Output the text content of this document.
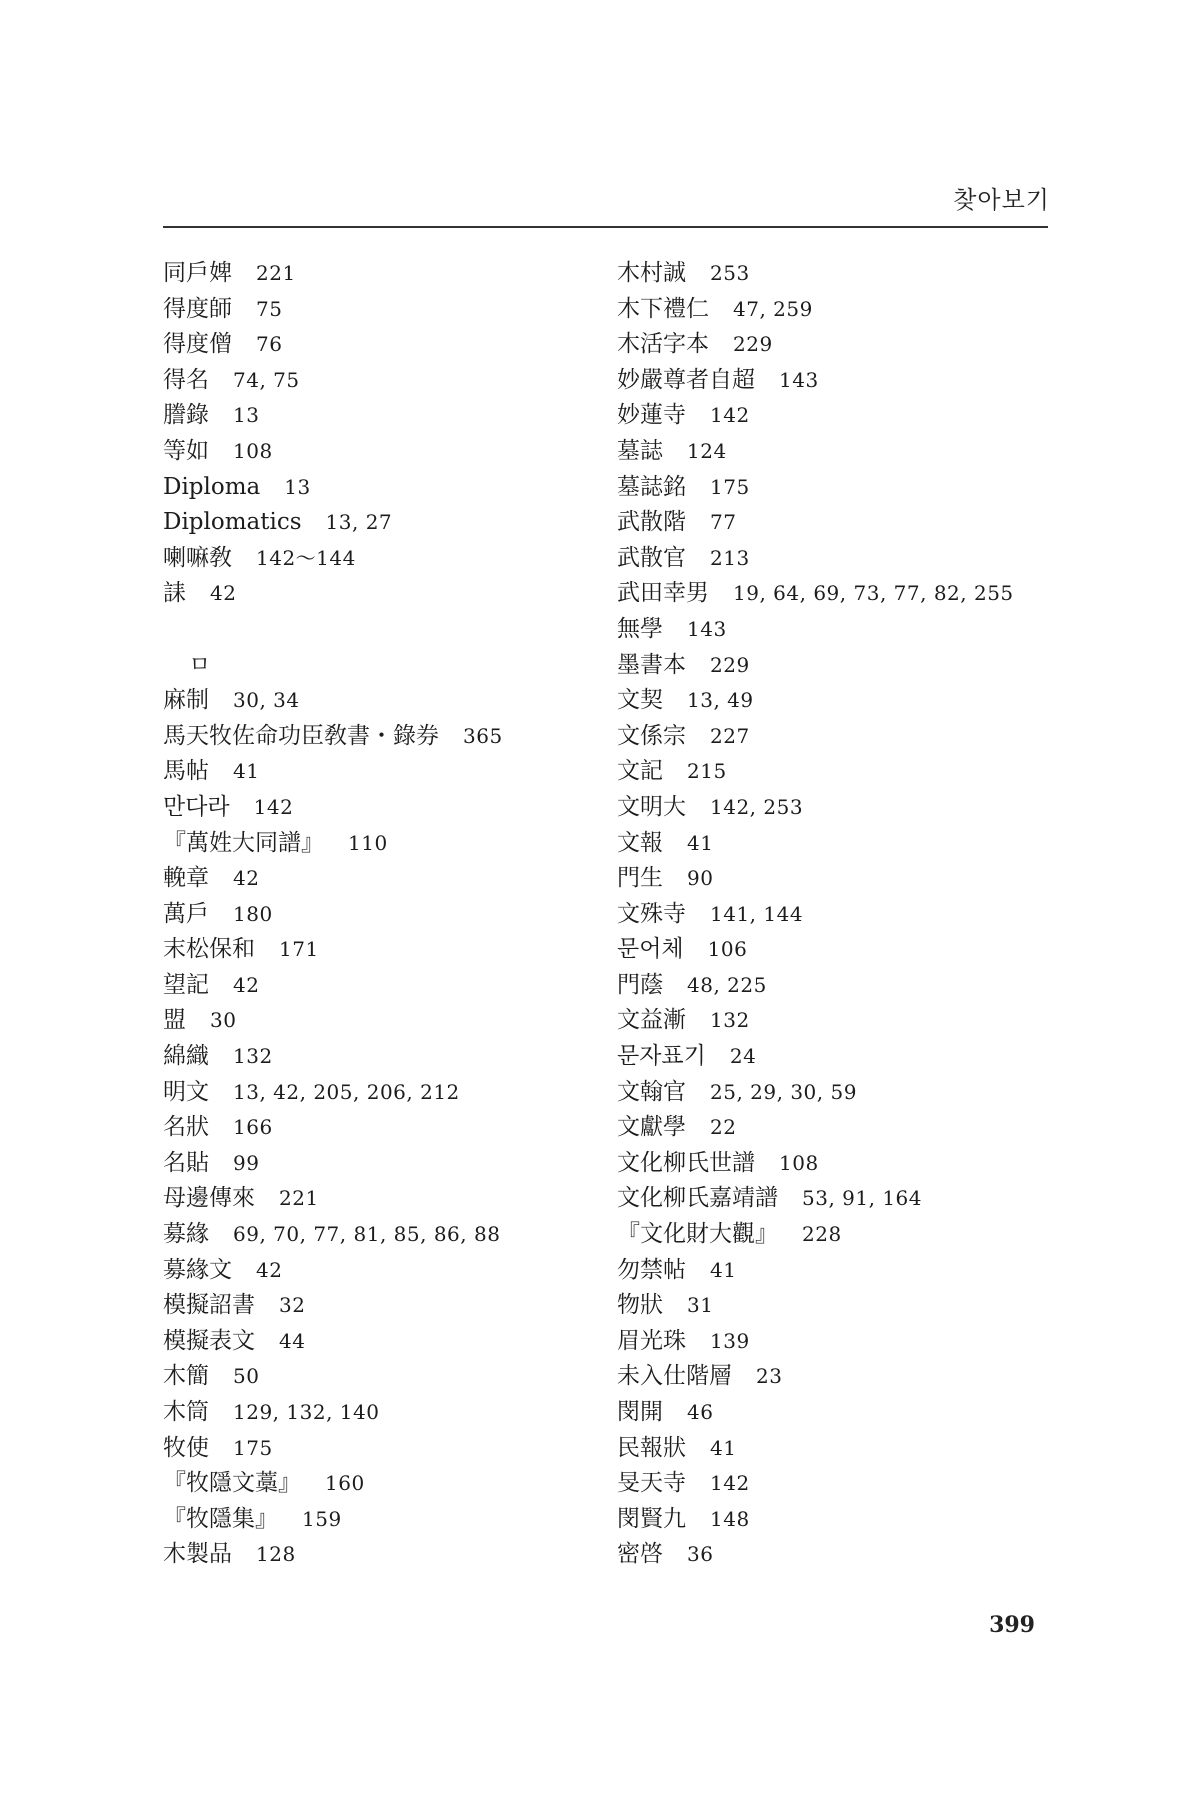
찾아보기
同戶婢 221
得度師 75
得度僧 76
得名 74, 75
謄錄 13
等如 108
Diploma 13
Diplomatics 13, 27
喇嘛敎 142～144
誄 42
ㅁ
麻制 30, 34
馬天牧佐命功臣敎書・錄券 365
馬帖 41
만다라 142
『萬姓大同譜』 110
輓章 42
萬戶 180
末松保和 171
望記 42
盟 30
綿織 132
明文 13, 42, 205, 206, 212
名狀 166
名貼 99
母邊傳來 221
募緣 69, 70, 77, 81, 85, 86, 88
募緣文 42
模擬詔書 32
模擬表文 44
木簡 50
木筒 129, 132, 140
牧使 175
『牧隱文藁』 160
『牧隱集』 159
木製品 128
木村誠 253
木下禮仁 47, 259
木活字本 229
妙嚴尊者自超 143
妙蓮寺 142
墓誌 124
墓誌銘 175
武散階 77
武散官 213
武田幸男 19, 64, 69, 73, 77, 82, 255
無學 143
墨書本 229
文契 13, 49
文係宗 227
文記 215
文明大 142, 253
文報 41
門生 90
文殊寺 141, 144
문어체 106
門蔭 48, 225
文益漸 132
문자표기 24
文翰官 25, 29, 30, 59
文獻學 22
文化柳氏世譜 108
文化柳氏嘉靖譜 53, 91, 164
『文化財大觀』 228
勿禁帖 41
物狀 31
眉光珠 139
未入仕階層 23
閔開 46
民報狀 41
旻天寺 142
閔賢九 148
密啓 36
399
